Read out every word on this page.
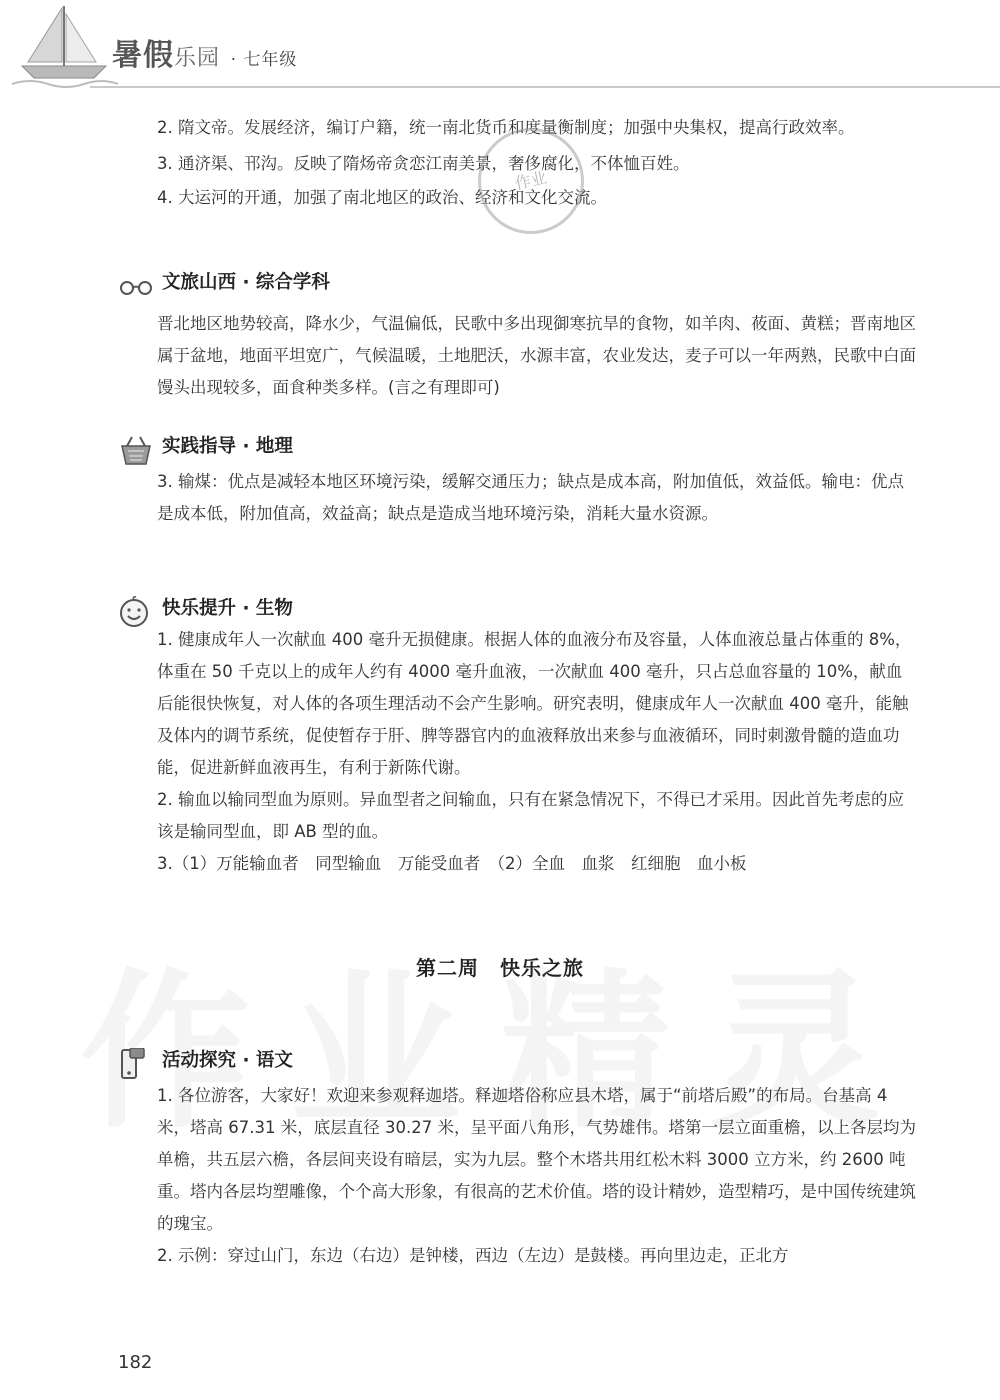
暑假乐园 · 七年级

2. 隋文帝。发展经济，编订户籍，统一南北货币和度量衡制度；加强中央集权，提高行政效率。

3. 通济渠、邗沟。反映了隋炀帝贪恋江南美景，奢侈腐化，不体恤百姓。

4. 大运河的开通，加强了南北地区的政治、经济和文化交流。

作业
文旅山西 · 综合学科

晋北地区地势较高，降水少，气温偏低，民歌中多出现御寒抗旱的食物，如羊肉、莜面、黄糕；晋南地区属于盆地，地面平坦宽广，气候温暖，土地肥沃，水源丰富，农业发达，麦子可以一年两熟，民歌中白面馒头出现较多，面食种类多样。(言之有理即可)

实践指导 · 地理

3. 输煤：优点是减轻本地区环境污染，缓解交通压力；缺点是成本高，附加值低，效益低。输电：优点是成本低，附加值高，效益高；缺点是造成当地环境污染，消耗大量水资源。

快乐提升 · 生物

1. 健康成年人一次献血 400 毫升无损健康。根据人体的血液分布及容量，人体血液总量占体重的 8%，体重在 50 千克以上的成年人约有 4000 毫升血液，一次献血 400 毫升，只占总血容量的 10%，献血后能很快恢复，对人体的各项生理活动不会产生影响。研究表明，健康成年人一次献血 400 毫升，能触及体内的调节系统，促使暂存于肝、脾等器官内的血液释放出来参与血液循环，同时刺激骨髓的造血功能，促进新鲜血液再生，有利于新陈代谢。

2. 输血以输同型血为原则。异血型者之间输血，只有在紧急情况下，不得已才采用。因此首先考虑的应该是输同型血，即 AB 型的血。

3.（1）万能输血者　同型输血　万能受血者　（2）全血　血浆　红细胞　血小板

第二周　快乐之旅
活动探究 · 语文

1. 各位游客，大家好！欢迎来参观释迦塔。释迦塔俗称应县木塔，属于“前塔后殿”的布局。台基高 4 米，塔高 67.31 米，底层直径 30.27 米，呈平面八角形，气势雄伟。塔第一层立面重檐，以上各层均为单檐，共五层六檐，各层间夹设有暗层，实为九层。整个木塔共用红松木料 3000 立方米，约 2600 吨重。塔内各层均塑雕像，个个高大形象，有很高的艺术价值。塔的设计精妙，造型精巧，是中国传统建筑的瑰宝。

2. 示例：穿过山门，东边（右边）是钟楼，西边（左边）是鼓楼。再向里边走，正北方

182
